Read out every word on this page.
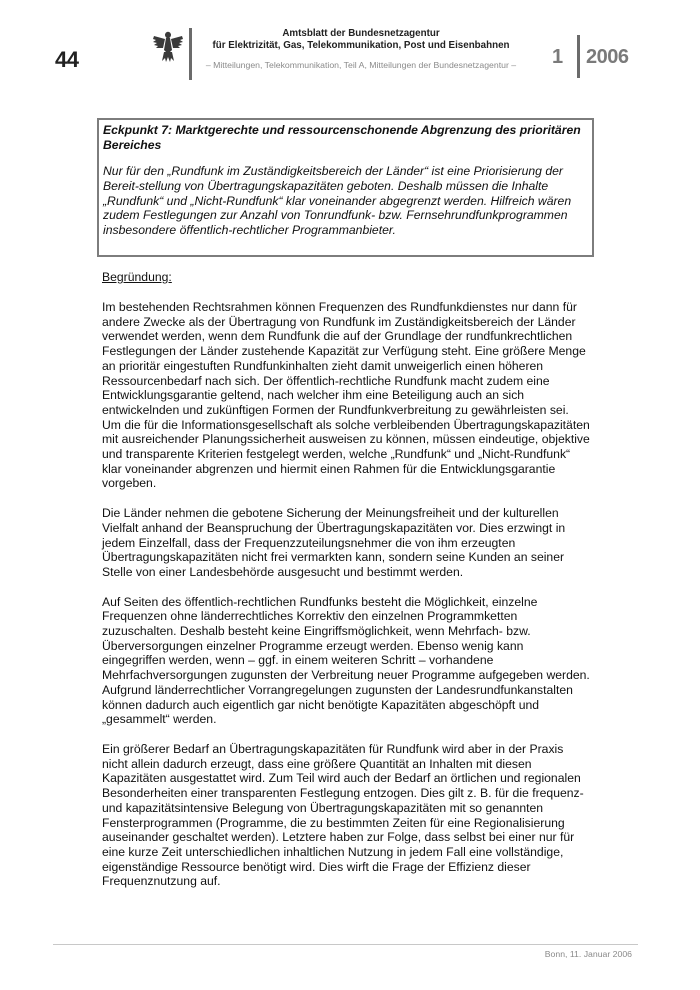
44
Amtsblatt der Bundesnetzagentur
für Elektrizität, Gas, Telekommunikation, Post und Eisenbahnen
– Mitteilungen, Telekommunikation, Teil A, Mitteilungen der Bundesnetzagentur –	1 2006

Eckpunkt 7: Marktgerechte und ressourcenschonende Abgrenzung des prioritären Bereiches

Nur für den „Rundfunk im Zuständigkeitsbereich der Länder“ ist eine Priorisierung der Bereit-stellung von Übertragungskapazitäten geboten. Deshalb müssen die Inhalte „Rundfunk“ und „Nicht-Rundfunk“ klar voneinander abgegrenzt werden. Hilfreich wären zudem Festlegungen zur Anzahl von Tonrundfunk- bzw. Fernsehrundfunkprogrammen insbesondere öffentlich-rechtlicher Programmanbieter.

Begründung:

Im bestehenden Rechtsrahmen können Frequenzen des Rundfunkdienstes nur dann für andere Zwecke als der Übertragung von Rundfunk im Zuständigkeitsbereich der Länder verwendet werden, wenn dem Rundfunk die auf der Grundlage der rundfunkrechtlichen Festlegungen der Länder zustehende Kapazität zur Verfügung steht. Eine größere Menge an prioritär eingestuften Rundfunkinhalten zieht damit unweigerlich einen höheren Ressourcenbedarf nach sich. Der öffentlich-rechtliche Rundfunk macht zudem eine Entwicklungsgarantie geltend, nach welcher ihm eine Beteiligung auch an sich entwickelnden und zukünftigen Formen der Rundfunkverbreitung zu gewährleisten sei. Um die für die Informationsgesellschaft als solche verbleibenden Übertragungskapazitäten mit ausreichender Planungssicherheit ausweisen zu können, müssen eindeutige, objektive und transparente Kriterien festgelegt werden, welche „Rundfunk“ und „Nicht-Rundfunk“ klar voneinander abgrenzen und hiermit einen Rahmen für die Entwicklungsgarantie vorgeben.

Die Länder nehmen die gebotene Sicherung der Meinungsfreiheit und der kulturellen Vielfalt anhand der Beanspruchung der Übertragungskapazitäten vor. Dies erzwingt in jedem Einzelfall, dass der Frequenzzuteilungsnehmer die von ihm erzeugten Übertragungskapazitäten nicht frei vermarkten kann, sondern seine Kunden an seiner Stelle von einer Landesbehörde ausgesucht und bestimmt werden.

Auf Seiten des öffentlich-rechtlichen Rundfunks besteht die Möglichkeit, einzelne Frequenzen ohne länderrechtliches Korrektiv den einzelnen Programmketten zuzuschalten. Deshalb besteht keine Eingriffsmöglichkeit, wenn Mehrfach- bzw. Überversorgungen einzelner Programme erzeugt werden. Ebenso wenig kann eingegriffen werden, wenn – ggf. in einem weiteren Schritt – vorhandene Mehrfachversorgungen zugunsten der Verbreitung neuer Programme aufgegeben werden. Aufgrund länderrechtlicher Vorrangregelungen zugunsten der Landesrundfunkanstalten können dadurch auch eigentlich gar nicht benötigte Kapazitäten abgeschöpft und „gesammelt“ werden.

Ein größerer Bedarf an Übertragungskapazitäten für Rundfunk wird aber in der Praxis nicht allein dadurch erzeugt, dass eine größere Quantität an Inhalten mit diesen Kapazitäten ausgestattet wird. Zum Teil wird auch der Bedarf an örtlichen und regionalen Besonderheiten einer transparenten Festlegung entzogen. Dies gilt z. B. für die frequenz- und kapazitätsintensive Belegung von Übertragungskapazitäten mit so genannten Fensterprogrammen (Programme, die zu bestimmten Zeiten für eine Regionalisierung auseinander geschaltet werden). Letztere haben zur Folge, dass selbst bei einer nur für eine kurze Zeit unterschiedlichen inhaltlichen Nutzung in jedem Fall eine vollständige, eigenständige Ressource benötigt wird. Dies wirft die Frage der Effizienz dieser Frequenznutzung auf.

Bonn, 11. Januar 2006
